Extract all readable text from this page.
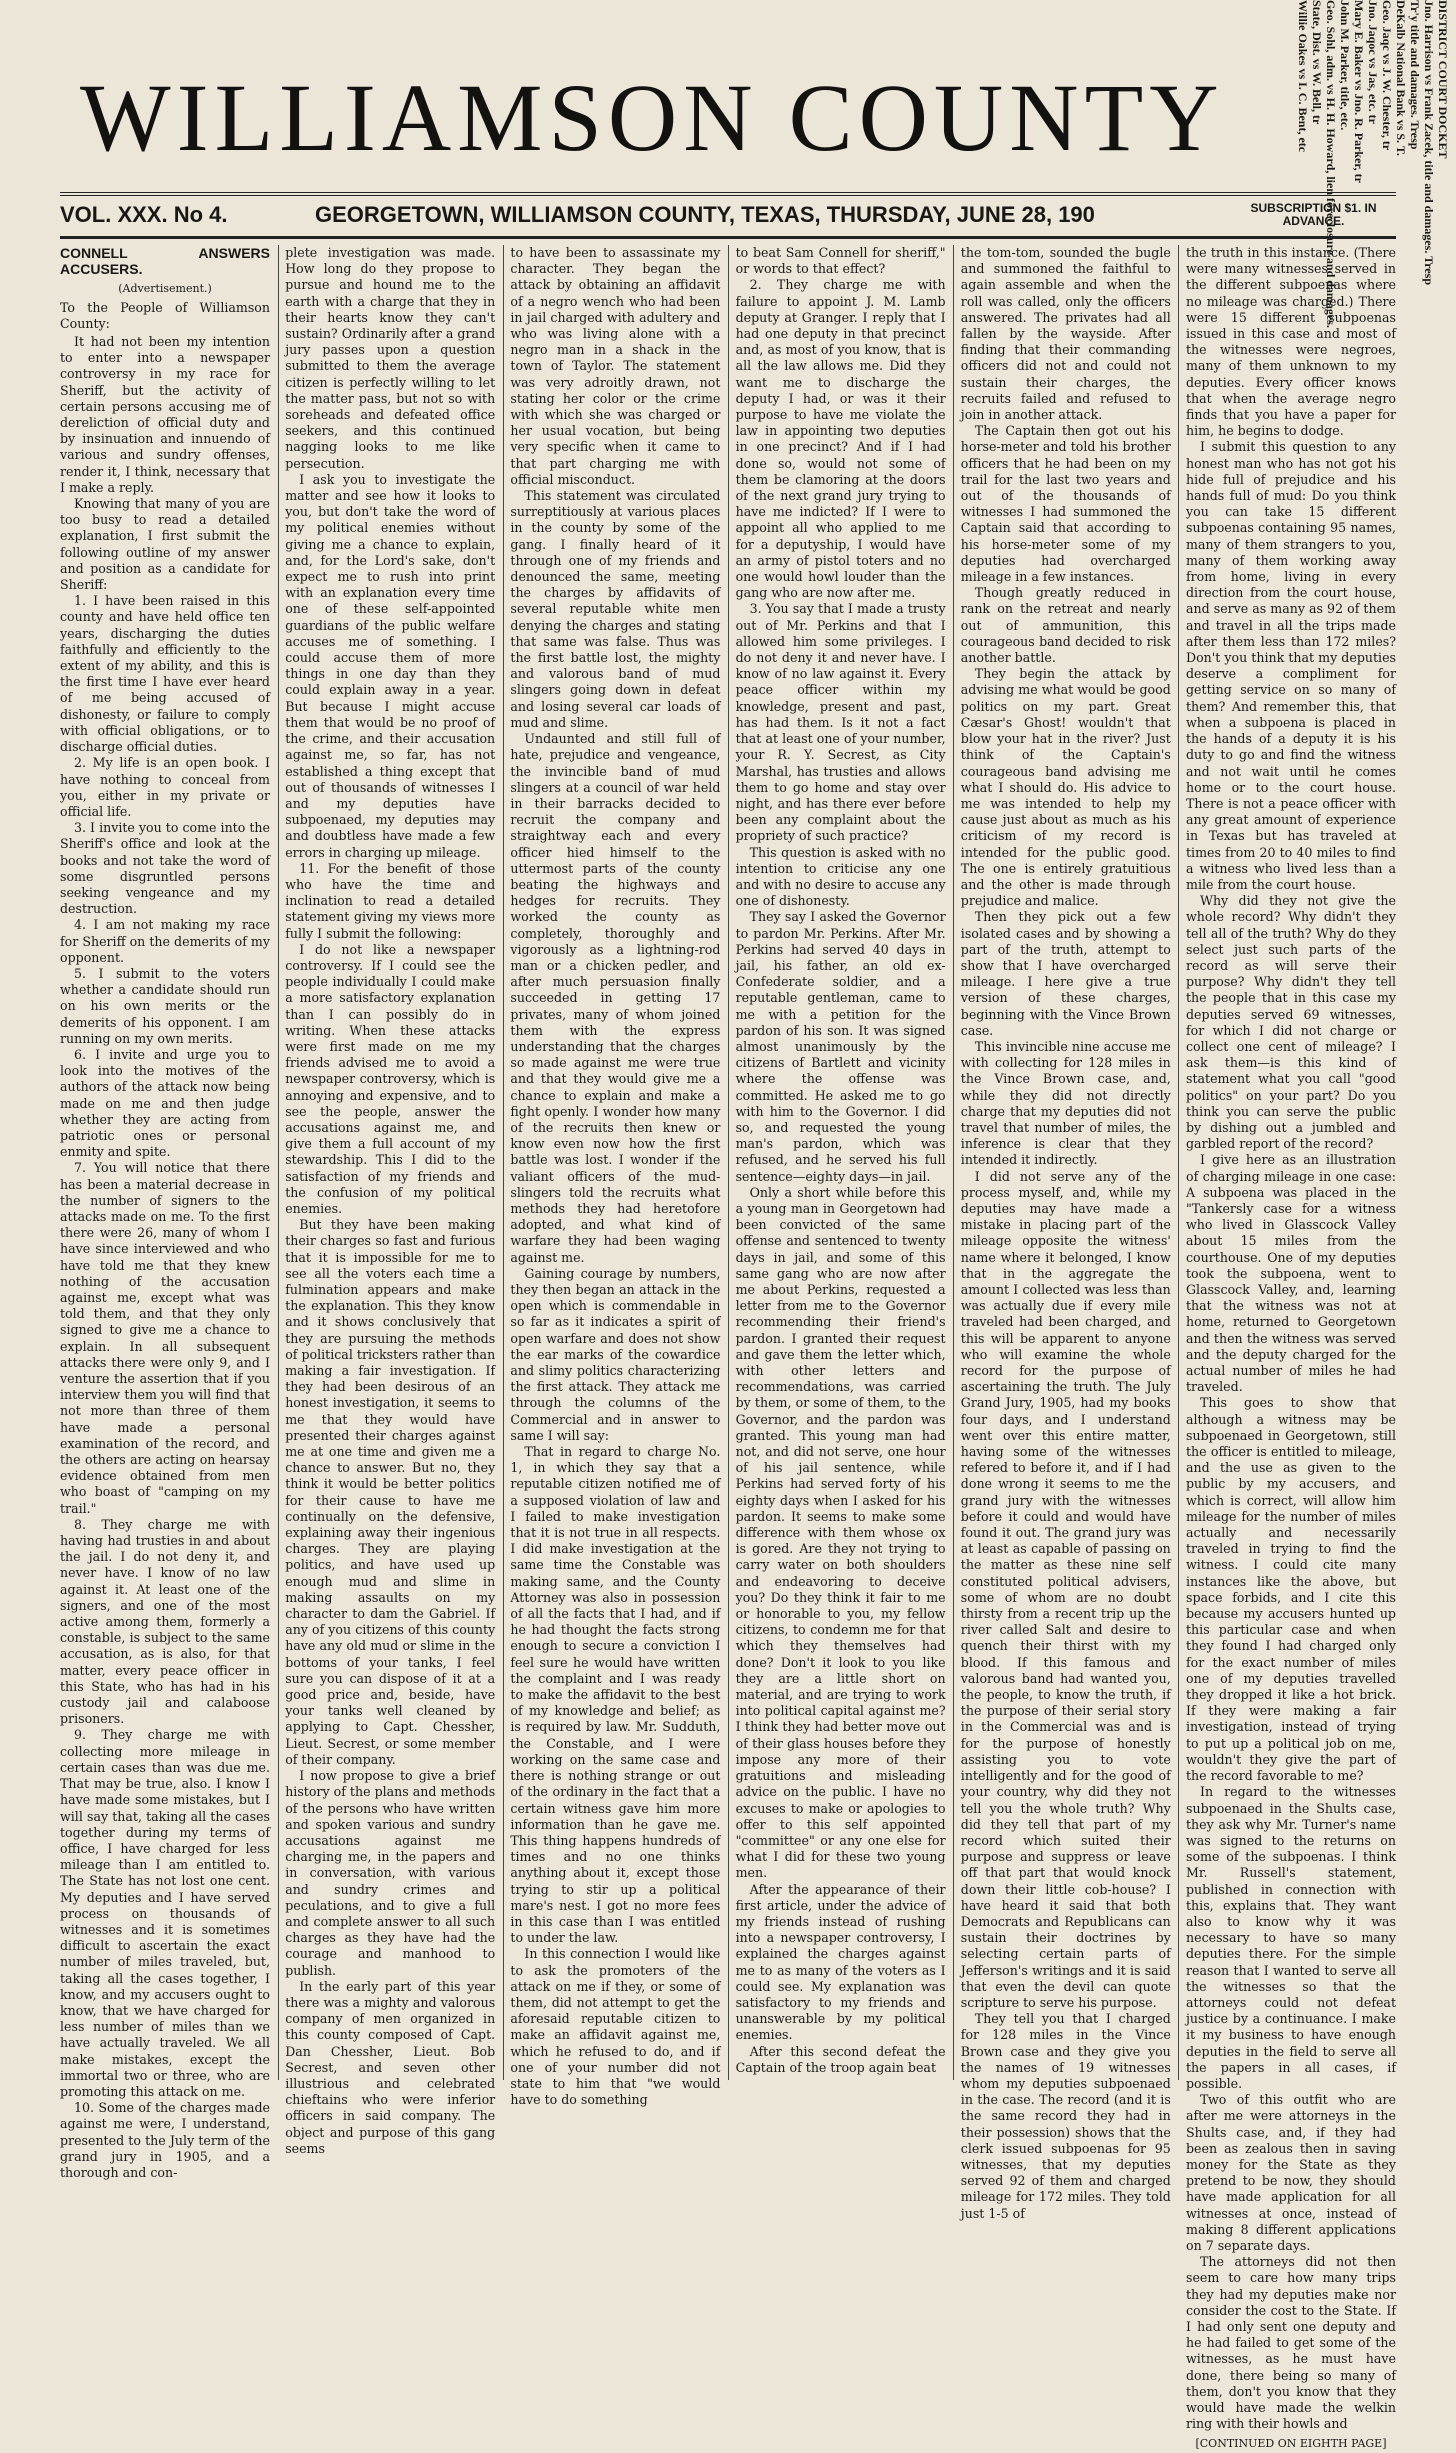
WILLIAMSON COUNTY	DISTRICT COURT DOCKET
Jno. Harrison vs Frank Zacek, title and damages. Tresp
Tr'y title and damages. Tresp
DeKalb National Bank vs S. T.
Geo. Jaqc vs J. W. Chester, tr
Jno. Jaqoc vs Jas, etc. tr
Mary E. Baker vs Jno. R. Parker, tr
John M. Parker, title, etc.
Geo. Sohl, adm. vs H. H. Howard, lien foreclosure and damages.
State, Dist. vs W. Bell, tr
Willie Oakes vs I. C. Bent, etc
VOL. XXX. No 4.	GEORGETOWN, WILLIAMSON COUNTY, TEXAS, THURSDAY, JUNE 28, 190	SUBSCRIPTION $1. IN ADVANCE.

CONNELL ANSWERS ACCUSERS.

(Advertisement.)

To the People of Williamson County:

It had not been my intention to enter into a newspaper controversy in my race for Sheriff, but the activity of certain persons accusing me of dereliction of official duty and by insinuation and innuendo of various and sundry offenses, render it, I think, necessary that I make a reply.

Knowing that many of you are too busy to read a detailed explanation, I first submit the following outline of my answer and position as a candidate for Sheriff:

1. I have been raised in this county and have held office ten years, discharging the duties faithfully and efficiently to the extent of my ability, and this is the first time I have ever heard of me being accused of dishonesty, or failure to comply with official obligations, or to discharge official duties.

2. My life is an open book. I have nothing to conceal from you, either in my private or official life.

3. I invite you to come into the Sheriff's office and look at the books and not take the word of some disgruntled persons seeking vengeance and my destruction.

4. I am not making my race for Sheriff on the demerits of my opponent.

5. I submit to the voters whether a candidate should run on his own merits or the demerits of his opponent. I am running on my own merits.

6. I invite and urge you to look into the motives of the authors of the attack now being made on me and then judge whether they are acting from patriotic ones or personal enmity and spite.

7. You will notice that there has been a material decrease in the number of signers to the attacks made on me. To the first there were 26, many of whom I have since interviewed and who have told me that they knew nothing of the accusation against me, except what was told them, and that they only signed to give me a chance to explain. In all subsequent attacks there were only 9, and I venture the assertion that if you interview them you will find that not more than three of them have made a personal examination of the record, and the others are acting on hearsay evidence obtained from men who boast of "camping on my trail."

8. They charge me with having had trusties in and about the jail. I do not deny it, and never have. I know of no law against it. At least one of the signers, and one of the most active among them, formerly a constable, is subject to the same accusation, as is also, for that matter, every peace officer in this State, who has had in his custody jail and calaboose prisoners.

9. They charge me with collecting more mileage in certain cases than was due me. That may be true, also. I know I have made some mistakes, but I will say that, taking all the cases together during my terms of office, I have charged for less mileage than I am entitled to. The State has not lost one cent. My deputies and I have served process on thousands of witnesses and it is sometimes difficult to ascertain the exact number of miles traveled, but, taking all the cases together, I know, and my accusers ought to know, that we have charged for less number of miles than we have actually traveled. We all make mistakes, except the immortal two or three, who are promoting this attack on me.

10. Some of the charges made against me were, I understand, presented to the July term of the grand jury in 1905, and a thorough and con-

plete investigation was made. How long do they propose to pursue and hound me to the earth with a charge that they in their hearts know they can't sustain? Ordinarily after a grand jury passes upon a question submitted to them the average citizen is perfectly willing to let the matter pass, but not so with soreheads and defeated office seekers, and this continued nagging looks to me like persecution.

I ask you to investigate the matter and see how it looks to you, but don't take the word of my political enemies without giving me a chance to explain, and, for the Lord's sake, don't expect me to rush into print with an explanation every time one of these self-appointed guardians of the public welfare accuses me of something. I could accuse them of more things in one day than they could explain away in a year. But because I might accuse them that would be no proof of the crime, and their accusation against me, so far, has not established a thing except that out of thousands of witnesses I and my deputies have subpoenaed, my deputies may and doubtless have made a few errors in charging up mileage.

11. For the benefit of those who have the time and inclination to read a detailed statement giving my views more fully I submit the following:

I do not like a newspaper controversy. If I could see the people individually I could make a more satisfactory explanation than I can possibly do in writing. When these attacks were first made on me my friends advised me to avoid a newspaper controversy, which is annoying and expensive, and to see the people, answer the accusations against me, and give them a full account of my stewardship. This I did to the satisfaction of my friends and the confusion of my political enemies.

But they have been making their charges so fast and furious that it is impossible for me to see all the voters each time a fulmination appears and make the explanation. This they know and it shows conclusively that they are pursuing the methods of political tricksters rather than making a fair investigation. If they had been desirous of an honest investigation, it seems to me that they would have presented their charges against me at one time and given me a chance to answer. But no, they think it would be better politics for their cause to have me continually on the defensive, explaining away their ingenious charges. They are playing politics, and have used up enough mud and slime in making assaults on my character to dam the Gabriel. If any of you citizens of this county have any old mud or slime in the bottoms of your tanks, I feel sure you can dispose of it at a good price and, beside, have your tanks well cleaned by applying to Capt. Chessher, Lieut. Secrest, or some member of their company.

I now propose to give a brief history of the plans and methods of the persons who have written and spoken various and sundry accusations against me charging me, in the papers and in conversation, with various and sundry crimes and peculations, and to give a full and complete answer to all such charges as they have had the courage and manhood to publish.

In the early part of this year there was a mighty and valorous company of men organized in this county composed of Capt. Dan Chessher, Lieut. Bob Secrest, and seven other illustrious and celebrated chieftains who were inferior officers in said company. The object and purpose of this gang seems

to have been to assassinate my character. They began the attack by obtaining an affidavit of a negro wench who had been in jail charged with adultery and who was living alone with a negro man in a shack in the town of Taylor. The statement was very adroitly drawn, not stating her color or the crime with which she was charged or her usual vocation, but being very specific when it came to that part charging me with official misconduct.

This statement was circulated surreptitiously at various places in the county by some of the gang. I finally heard of it through one of my friends and denounced the same, meeting the charges by affidavits of several reputable white men denying the charges and stating that same was false. Thus was the first battle lost, the mighty and valorous band of mud slingers going down in defeat and losing several car loads of mud and slime.

Undaunted and still full of hate, prejudice and vengeance, the invincible band of mud slingers at a council of war held in their barracks decided to recruit the company and straightway each and every officer hied himself to the uttermost parts of the county beating the highways and hedges for recruits. They worked the county as completely, thoroughly and vigorously as a lightning-rod man or a chicken pedler, and after much persuasion finally succeeded in getting 17 privates, many of whom joined them with the express understanding that the charges so made against me were true and that they would give me a chance to explain and make a fight openly. I wonder how many of the recruits then knew or know even now how the first battle was lost. I wonder if the valiant officers of the mud-slingers told the recruits what methods they had heretofore adopted, and what kind of warfare they had been waging against me.

Gaining courage by numbers, they then began an attack in the open which is commendable in so far as it indicates a spirit of open warfare and does not show the ear marks of the cowardice and slimy politics characterizing the first attack. They attack me through the columns of the Commercial and in answer to same I will say:

That in regard to charge No. 1, in which they say that a reputable citizen notified me of a supposed violation of law and I failed to make investigation that it is not true in all respects. I did make investigation at the same time the Constable was making same, and the County Attorney was also in possession of all the facts that I had, and if he had thought the facts strong enough to secure a conviction I feel sure he would have written the complaint and I was ready to make the affidavit to the best of my knowledge and belief; as is required by law. Mr. Sudduth, the Constable, and I were working on the same case and there is nothing strange or out of the ordinary in the fact that a certain witness gave him more information than he gave me. This thing happens hundreds of times and no one thinks anything about it, except those trying to stir up a political mare's nest. I got no more fees in this case than I was entitled to under the law.

In this connection I would like to ask the promoters of the attack on me if they, or some of them, did not attempt to get the aforesaid reputable citizen to make an affidavit against me, which he refused to do, and if one of your number did not state to him that "we would have to do something

to beat Sam Connell for sheriff," or words to that effect?

2. They charge me with failure to appoint J. M. Lamb deputy at Granger. I reply that I had one deputy in that precinct and, as most of you know, that is all the law allows me. Did they want me to discharge the deputy I had, or was it their purpose to have me violate the law in appointing two deputies in one precinct? And if I had done so, would not some of them be clamoring at the doors of the next grand jury trying to have me indicted? If I were to appoint all who applied to me for a deputyship, I would have an army of pistol toters and no one would howl louder than the gang who are now after me.

3. You say that I made a trusty out of Mr. Perkins and that I allowed him some privileges. I do not deny it and never have. I know of no law against it. Every peace officer within my knowledge, present and past, has had them. Is it not a fact that at least one of your number, your R. Y. Secrest, as City Marshal, has trusties and allows them to go home and stay over night, and has there ever before been any complaint about the propriety of such practice?

This question is asked with no intention to criticise any one and with no desire to accuse any one of dishonesty.

They say I asked the Governor to pardon Mr. Perkins. After Mr. Perkins had served 40 days in jail, his father, an old ex-Confederate soldier, and a reputable gentleman, came to me with a petition for the pardon of his son. It was signed almost unanimously by the citizens of Bartlett and vicinity where the offense was committed. He asked me to go with him to the Governor. I did so, and requested the young man's pardon, which was refused, and he served his full sentence—eighty days—in jail.

Only a short while before this a young man in Georgetown had been convicted of the same offense and sentenced to twenty days in jail, and some of this same gang who are now after me about Perkins, requested a letter from me to the Governor recommending their friend's pardon. I granted their request and gave them the letter which, with other letters and recommendations, was carried by them, or some of them, to the Governor, and the pardon was granted. This young man had not, and did not serve, one hour of his jail sentence, while Perkins had served forty of his eighty days when I asked for his pardon. It seems to make some difference with them whose ox is gored. Are they not trying to carry water on both shoulders and endeavoring to deceive you? Do they think it fair to me or honorable to you, my fellow citizens, to condemn me for that which they themselves had done? Don't it look to you like they are a little short on material, and are trying to work into political capital against me? I think they had better move out of their glass houses before they impose any more of their gratuitions and misleading advice on the public. I have no excuses to make or apologies to offer to this self appointed "committee" or any one else for what I did for these two young men.

After the appearance of their first article, under the advice of my friends instead of rushing into a newspaper controversy, I explained the charges against me to as many of the voters as I could see. My explanation was satisfactory to my friends and unanswerable by my political enemies.

After this second defeat the Captain of the troop again beat

the tom-tom, sounded the bugle and summoned the faithful to again assemble and when the roll was called, only the officers answered. The privates had all fallen by the wayside. After finding that their commanding officers did not and could not sustain their charges, the recruits failed and refused to join in another attack.

The Captain then got out his horse-meter and told his brother officers that he had been on my trail for the last two years and out of the thousands of witnesses I had summoned the Captain said that according to his horse-meter some of my deputies had overcharged mileage in a few instances.

Though greatly reduced in rank on the retreat and nearly out of ammunition, this courageous band decided to risk another battle.

They begin the attack by advising me what would be good politics on my part. Great Cæsar's Ghost! wouldn't that blow your hat in the river? Just think of the Captain's courageous band advising me what I should do. His advice to me was intended to help my cause just about as much as his criticism of my record is intended for the public good. The one is entirely gratuitious and the other is made through prejudice and malice.

Then they pick out a few isolated cases and by showing a part of the truth, attempt to show that I have overcharged mileage. I here give a true version of these charges, beginning with the Vince Brown case.

This invincible nine accuse me with collecting for 128 miles in the Vince Brown case, and, while they did not directly charge that my deputies did not travel that number of miles, the inference is clear that they intended it indirectly.

I did not serve any of the process myself, and, while my deputies may have made a mistake in placing part of the mileage opposite the witness' name where it belonged, I know that in the aggregate the amount I collected was less than was actually due if every mile traveled had been charged, and this will be apparent to anyone who will examine the whole record for the purpose of ascertaining the truth. The July Grand Jury, 1905, had my books four days, and I understand went over this entire matter, having some of the witnesses refered to before it, and if I had done wrong it seems to me the grand jury with the witnesses before it could and would have found it out. The grand jury was at least as capable of passing on the matter as these nine self constituted political advisers, some of whom are no doubt thirsty from a recent trip up the river called Salt and desire to quench their thirst with my blood. If this famous and valorous band had wanted you, the people, to know the truth, if the purpose of their serial story in the Commercial was and is for the purpose of honestly assisting you to vote intelligently and for the good of your country, why did they not tell you the whole truth? Why did they tell that part of my record which suited their purpose and suppress or leave off that part that would knock down their little cob-house? I have heard it said that both Democrats and Republicans can sustain their doctrines by selecting certain parts of Jefferson's writings and it is said that even the devil can quote scripture to serve his purpose.

They tell you that I charged for 128 miles in the Vince Brown case and they give you the names of 19 witnesses whom my deputies subpoenaed in the case. The record (and it is the same record they had in their possession) shows that the clerk issued subpoenas for 95 witnesses, that my deputies served 92 of them and charged mileage for 172 miles. They told just 1-5 of

the truth in this instance. (There were many witnesses served in the different subpoenas where no mileage was charged.) There were 15 different subpoenas issued in this case and most of the witnesses were negroes, many of them unknown to my deputies. Every officer knows that when the average negro finds that you have a paper for him, he begins to dodge.

I submit this question to any honest man who has not got his hide full of prejudice and his hands full of mud: Do you think you can take 15 different subpoenas containing 95 names, many of them strangers to you, many of them working away from home, living in every direction from the court house, and serve as many as 92 of them and travel in all the trips made after them less than 172 miles? Don't you think that my deputies deserve a compliment for getting service on so many of them? And remember this, that when a subpoena is placed in the hands of a deputy it is his duty to go and find the witness and not wait until he comes home or to the court house. There is not a peace officer with any great amount of experience in Texas but has traveled at times from 20 to 40 miles to find a witness who lived less than a mile from the court house.

Why did they not give the whole record? Why didn't they tell all of the truth? Why do they select just such parts of the record as will serve their purpose? Why didn't they tell the people that in this case my deputies served 69 witnesses, for which I did not charge or collect one cent of mileage? I ask them—is this kind of statement what you call "good politics" on your part? Do you think you can serve the public by dishing out a jumbled and garbled report of the record?

I give here as an illustration of charging mileage in one case: A subpoena was placed in the "Tankersly case for a witness who lived in Glasscock Valley about 15 miles from the courthouse. One of my deputies took the subpoena, went to Glasscock Valley, and, learning that the witness was not at home, returned to Georgetown and then the witness was served and the deputy charged for the actual number of miles he had traveled.

This goes to show that although a witness may be subpoenaed in Georgetown, still the officer is entitled to mileage, and the use as given to the public by my accusers, and which is correct, will allow him mileage for the number of miles actually and necessarily traveled in trying to find the witness. I could cite many instances like the above, but space forbids, and I cite this because my accusers hunted up this particular case and when they found I had charged only for the exact number of miles one of my deputies travelled they dropped it like a hot brick. If they were making a fair investigation, instead of trying to put up a political job on me, wouldn't they give the part of the record favorable to me?

In regard to the witnesses subpoenaed in the Shults case, they ask why Mr. Turner's name was signed to the returns on some of the subpoenas. I think Mr. Russell's statement, published in connection with this, explains that. They want also to know why it was necessary to have so many deputies there. For the simple reason that I wanted to serve all the witnesses so that the attorneys could not defeat justice by a continuance. I make it my business to have enough deputies in the field to serve all the papers in all cases, if possible.

Two of this outfit who are after me were attorneys in the Shults case, and, if they had been as zealous then in saving money for the State as they pretend to be now, they should have made application for all witnesses at once, instead of making 8 different applications on 7 separate days.

The attorneys did not then seem to care how many trips they had my deputies make nor consider the cost to the State. If I had only sent one deputy and he had failed to get some of the witnesses, as he must have done, there being so many of them, don't you know that they would have made the welkin ring with their howls and

[CONTINUED ON EIGHTH PAGE]
